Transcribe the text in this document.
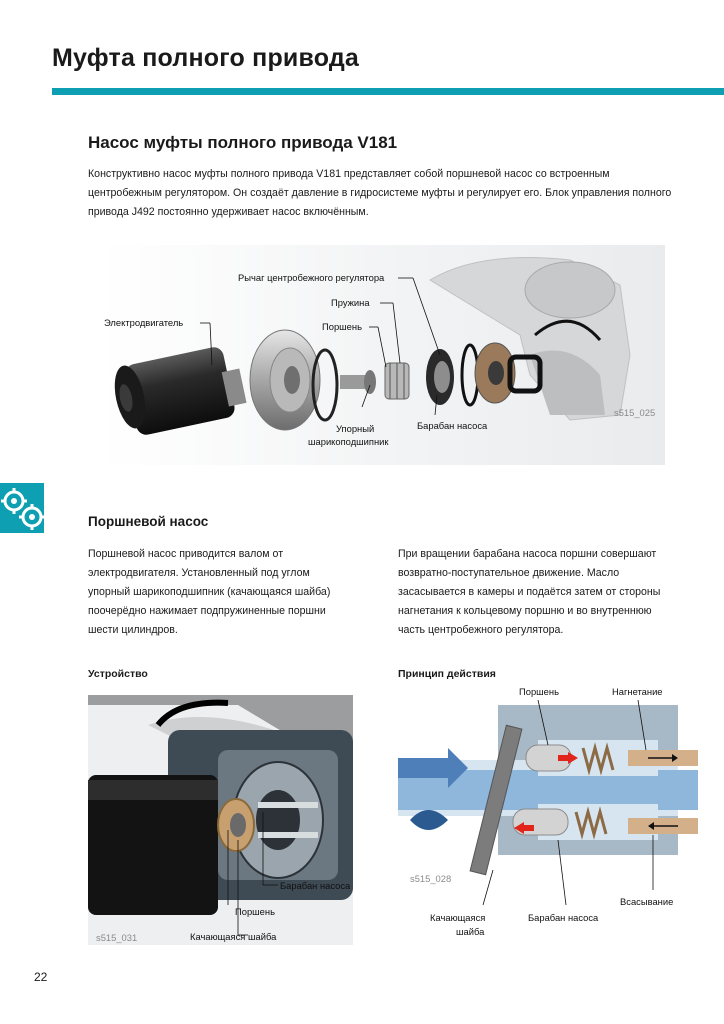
Муфта полного привода
Насос муфты полного привода V181
Конструктивно насос муфты полного привода V181 представляет собой поршневой насос со встроенным центробежным регулятором. Он создаёт давление в гидросистеме муфты и регулирует его. Блок управления полного привода J492 постоянно удерживает насос включённым.
Рычаг центробежного регулятора
Пружина
Поршень
Электродвигатель
Упорный
шарикоподшипник
Барабан насоса
s515_025
Поршневой насос
Поршневой насос приводится валом от электродвигателя. Установленный под углом упорный шарикоподшипник (качающаяся шайба) поочерёдно нажимает подпружиненные поршни шести цилиндров.
При вращении барабана насоса поршни совершают возвратно-поступательное движение. Масло засасывается в камеры и подаётся затем от стороны нагнетания к кольцевому поршню и во внутреннюю часть центробежного регулятора.
Устройство
Барабан насоса
Поршень
Качающаяся шайба
s515_031
Принцип действия
Поршень	Нагнетание
Всасывание
Качающаяся
шайба
Барабан насоса
s515_028
22
